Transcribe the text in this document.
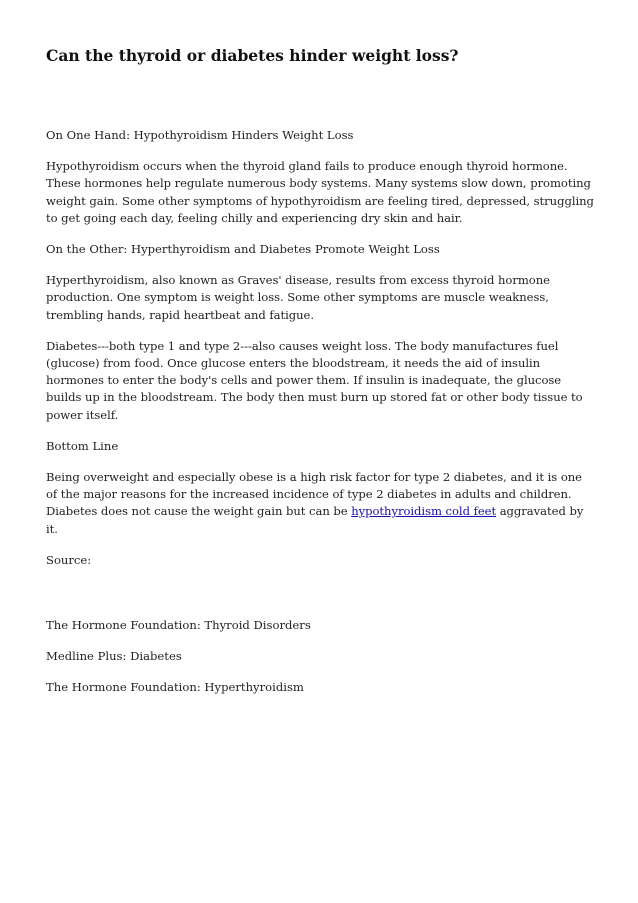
Can the thyroid or diabetes hinder weight loss?

On One Hand: Hypothyroidism Hinders Weight Loss

Hypothyroidism occurs when the thyroid gland fails to produce enough thyroid hormone. These hormones help regulate numerous body systems. Many systems slow down, promoting weight gain. Some other symptoms of hypothyroidism are feeling tired, depressed, struggling to get going each day, feeling chilly and experiencing dry skin and hair.

On the Other: Hyperthyroidism and Diabetes Promote Weight Loss

Hyperthyroidism, also known as Graves' disease, results from excess thyroid hormone production. One symptom is weight loss. Some other symptoms are muscle weakness, trembling hands, rapid heartbeat and fatigue.

Diabetes---both type 1 and type 2---also causes weight loss. The body manufactures fuel (glucose) from food. Once glucose enters the bloodstream, it needs the aid of insulin hormones to enter the body's cells and power them. If insulin is inadequate, the glucose builds up in the bloodstream. The body then must burn up stored fat or other body tissue to power itself.

Bottom Line

Being overweight and especially obese is a high risk factor for type 2 diabetes, and it is one of the major reasons for the increased incidence of type 2 diabetes in adults and children. Diabetes does not cause the weight gain but can be hypothyroidism cold feet aggravated by it.

Source:

The Hormone Foundation: Thyroid Disorders

Medline Plus: Diabetes

The Hormone Foundation: Hyperthyroidism
